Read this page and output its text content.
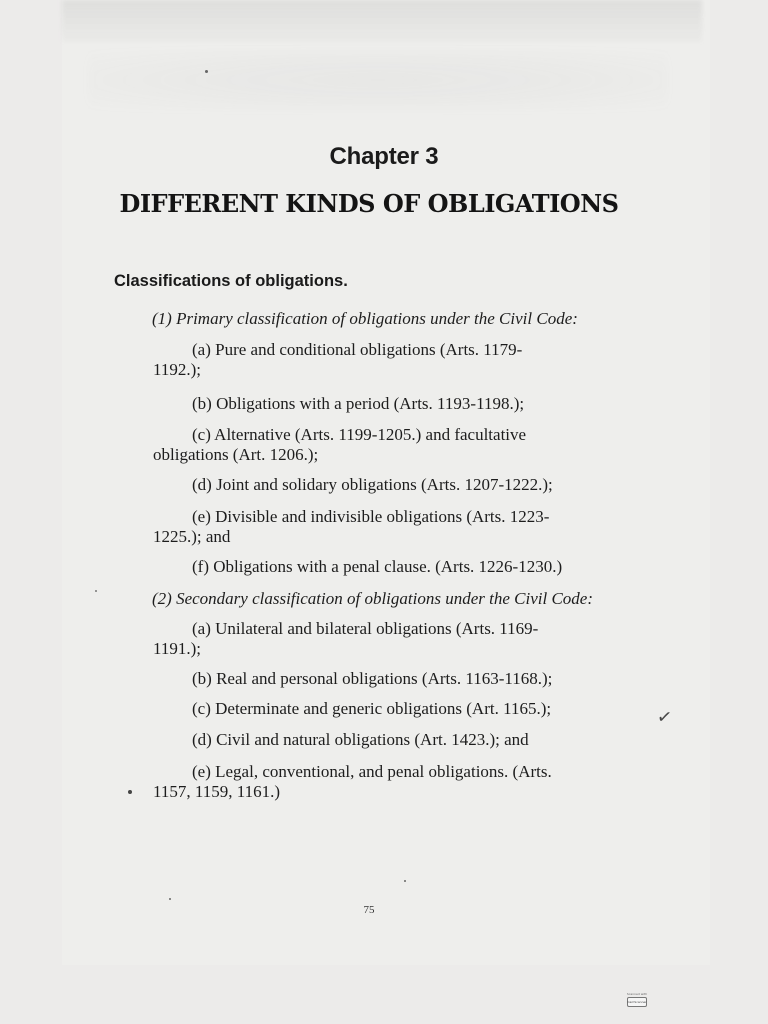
Chapter 3
DIFFERENT KINDS OF OBLIGATIONS
Classifications of obligations.
(1) Primary classification of obligations under the Civil Code:
(a) Pure and conditional obligations (Arts. 1179-
1192.);
(b) Obligations with a period (Arts. 1193-1198.);
(c) Alternative (Arts. 1199-1205.) and facultative
obligations (Art. 1206.);
(d) Joint and solidary obligations (Arts. 1207-1222.);
(e) Divisible and indivisible obligations (Arts. 1223-
1225.); and
(f) Obligations with a penal clause. (Arts. 1226-1230.)
(2) Secondary classification of obligations under the Civil Code:
(a) Unilateral and bilateral obligations (Arts. 1169-
1191.);
(b) Real and personal obligations (Arts. 1163-1168.);
(c) Determinate and generic obligations (Art. 1165.);
(d) Civil and natural obligations (Art. 1423.); and
(e) Legal, conventional, and penal obligations. (Arts.
1157, 1159, 1161.)
✓
75
Scanned with
CamScanner
